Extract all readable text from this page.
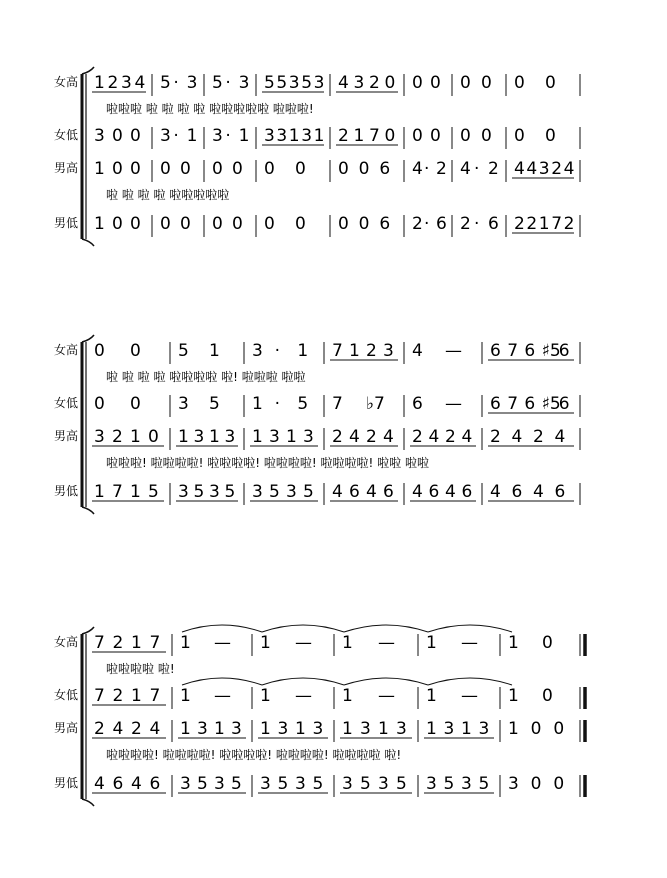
女高 1 2 3 4 5 · 3 5 · 3 5 5 3 5 3 4 3 2 0 0 0 0 0 0 0
啦啦啦 啦 啦 啦 啦 啦啦啦啦啦 啦啦啦!
女低 3 0 0 3 · 1 3 · 1 3 3 1 3 1 2 1 7 0 0 0 0 0 0 0
男高 1 0 0 0 0 0 0 0 0 0 0 6 4 · 2 4 · 2 4 4 3 2 4
啦 啦 啦 啦 啦啦啦啦啦
男低 1 0 0 0 0 0 0 0 0 0 0 6 2 · 6 2 · 6 2 2 1 7 2
女高 0 0 5 1 3 · 1 7 1 2 3 4 — 6 7 6 ♯5
6
啦 啦 啦 啦 啦啦啦啦 啦! 啦啦啦 啦啦
女低 0 0 3 5 1 · 5 7 ♭7 6 — 6 7 6 ♯5
6
男高 3 2 1 0 1 3 1 3 1 3 1 3 2 4 2 4 2 4 2 4 2 4 2 4
啦啦啦! 啦啦啦啦! 啦啦啦啦! 啦啦啦啦! 啦啦啦啦! 啦啦 啦啦
男低 1 7 1 5 3 5 3 5 3 5 3 5 4 6 4 6 4 6 4 6 4 6 4 6
女高 7 2 1 7 1 — 1 — 1 — 1 — 1 0
啦啦啦啦 啦!
女低 7 2 1 7 1 — 1 — 1 — 1 — 1 0
男高 2 4 2 4 1 3 1 3 1 3 1 3 1 3 1 3 1 3 1 3 1 0 0
啦啦啦啦! 啦啦啦啦! 啦啦啦啦! 啦啦啦啦! 啦啦啦啦 啦!
男低 4 6 4 6 3 5 3 5 3 5 3 5 3 5 3 5 3 5 3 5 3 0 0
